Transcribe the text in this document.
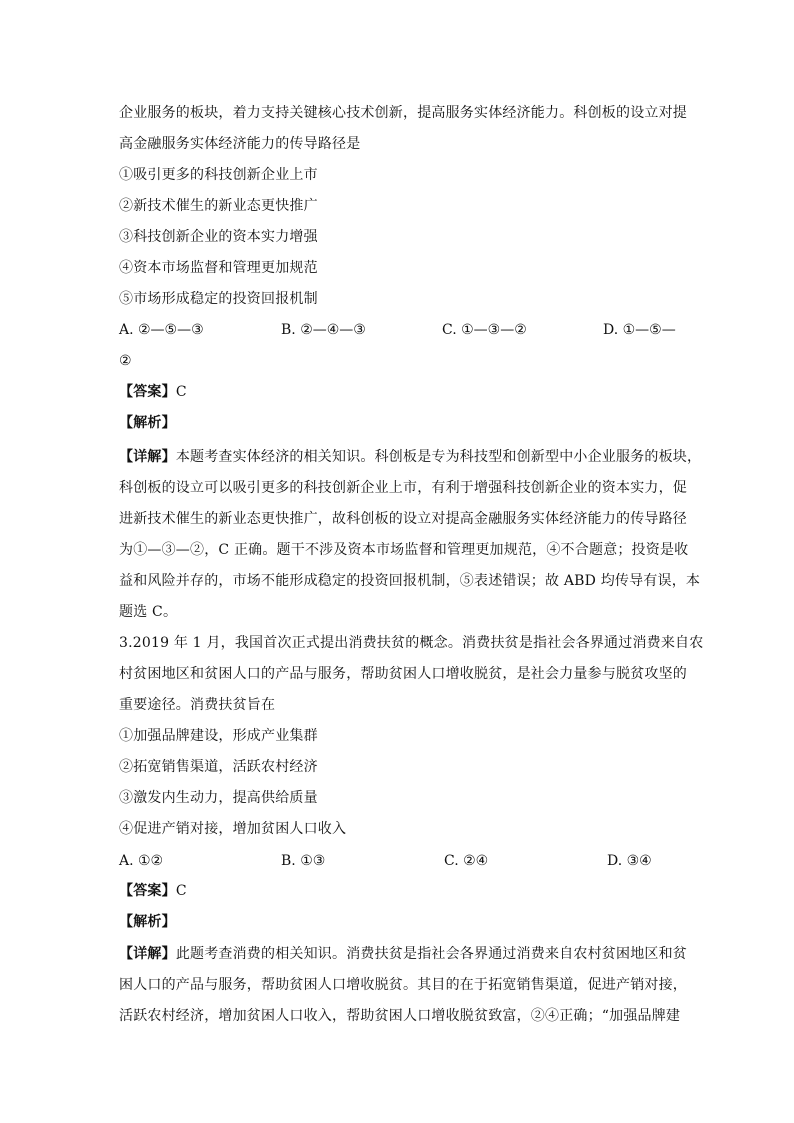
企业服务的板块，着力支持关键核心技术创新，提高服务实体经济能力。科创板的设立对提
高金融服务实体经济能力的传导路径是
①吸引更多的科技创新企业上市
②新技术催生的新业态更快推广
③科技创新企业的资本实力增强
④资本市场监督和管理更加规范
⑤市场形成稳定的投资回报机制
A. ②—⑤—③	B. ②—④—③	C. ①—③—②	D. ①—⑤—
②
【答案】C
【解析】
【详解】本题考查实体经济的相关知识。科创板是专为科技型和创新型中小企业服务的板块，
科创板的设立可以吸引更多的科技创新企业上市，有利于增强科技创新企业的资本实力，促
进新技术催生的新业态更快推广，故科创板的设立对提高金融服务实体经济能力的传导路径
为①—③—②，C 正确。题干不涉及资本市场监督和管理更加规范，④不合题意；投资是收
益和风险并存的，市场不能形成稳定的投资回报机制，⑤表述错误；故 ABD 均传导有误，本
题选 C。
3.2019 年 1 月，我国首次正式提出消费扶贫的概念。消费扶贫是指社会各界通过消费来自农
村贫困地区和贫困人口的产品与服务，帮助贫困人口增收脱贫，是社会力量参与脱贫攻坚的
重要途径。消费扶贫旨在
①加强品牌建设，形成产业集群
②拓宽销售渠道，活跃农村经济
③激发内生动力，提高供给质量
④促进产销对接，增加贫困人口收入
A. ①②	B. ①③	C. ②④	D. ③④
【答案】C
【解析】
【详解】此题考查消费的相关知识。消费扶贫是指社会各界通过消费来自农村贫困地区和贫
困人口的产品与服务，帮助贫困人口增收脱贫。其目的在于拓宽销售渠道，促进产销对接，
活跃农村经济，增加贫困人口收入，帮助贫困人口增收脱贫致富，②④正确；“加强品牌建
